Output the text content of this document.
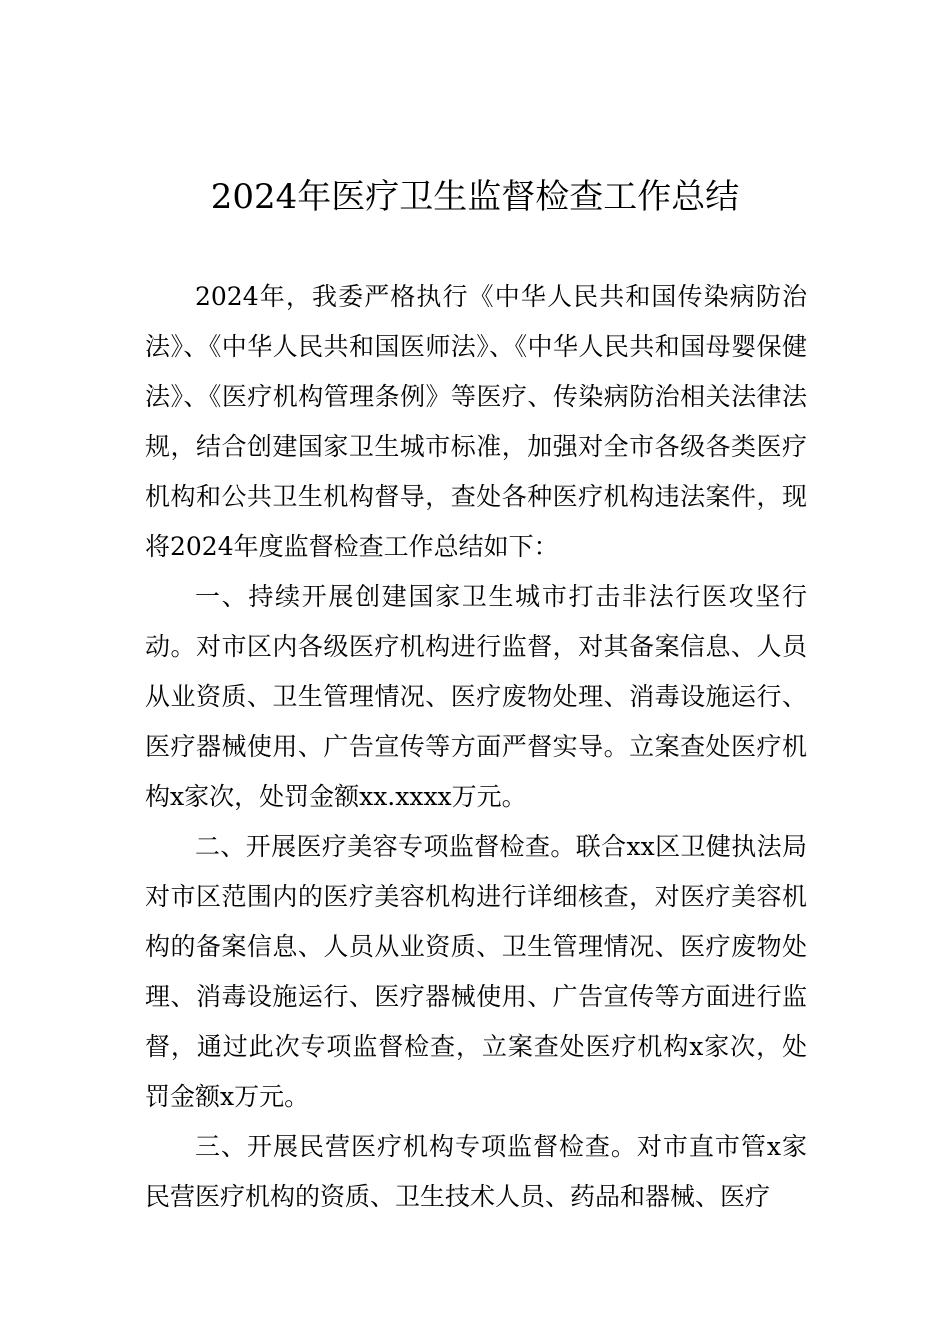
2024年医疗卫生监督检查工作总结

2024年，我委严格执行《中华人民共和国传染病防治法》、《中华人民共和国医师法》、《中华人民共和国母婴保健法》、《医疗机构管理条例》等医疗、传染病防治相关法律法规，结合创建国家卫生城市标准，加强对全市各级各类医疗机构和公共卫生机构督导，查处各种医疗机构违法案件，现将2024年度监督检查工作总结如下：

一、持续开展创建国家卫生城市打击非法行医攻坚行动。对市区内各级医疗机构进行监督，对其备案信息、人员从业资质、卫生管理情况、医疗废物处理、消毒设施运行、医疗器械使用、广告宣传等方面严督实导。立案查处医疗机构x家次，处罚金额xx.xxxx万元。

二、开展医疗美容专项监督检查。联合xx区卫健执法局对市区范围内的医疗美容机构进行详细核查，对医疗美容机构的备案信息、人员从业资质、卫生管理情况、医疗废物处理、消毒设施运行、医疗器械使用、广告宣传等方面进行监督，通过此次专项监督检查，立案查处医疗机构x家次，处罚金额x万元。

三、开展民营医疗机构专项监督检查。对市直市管x家民营医疗机构的资质、卫生技术人员、药品和器械、医疗
